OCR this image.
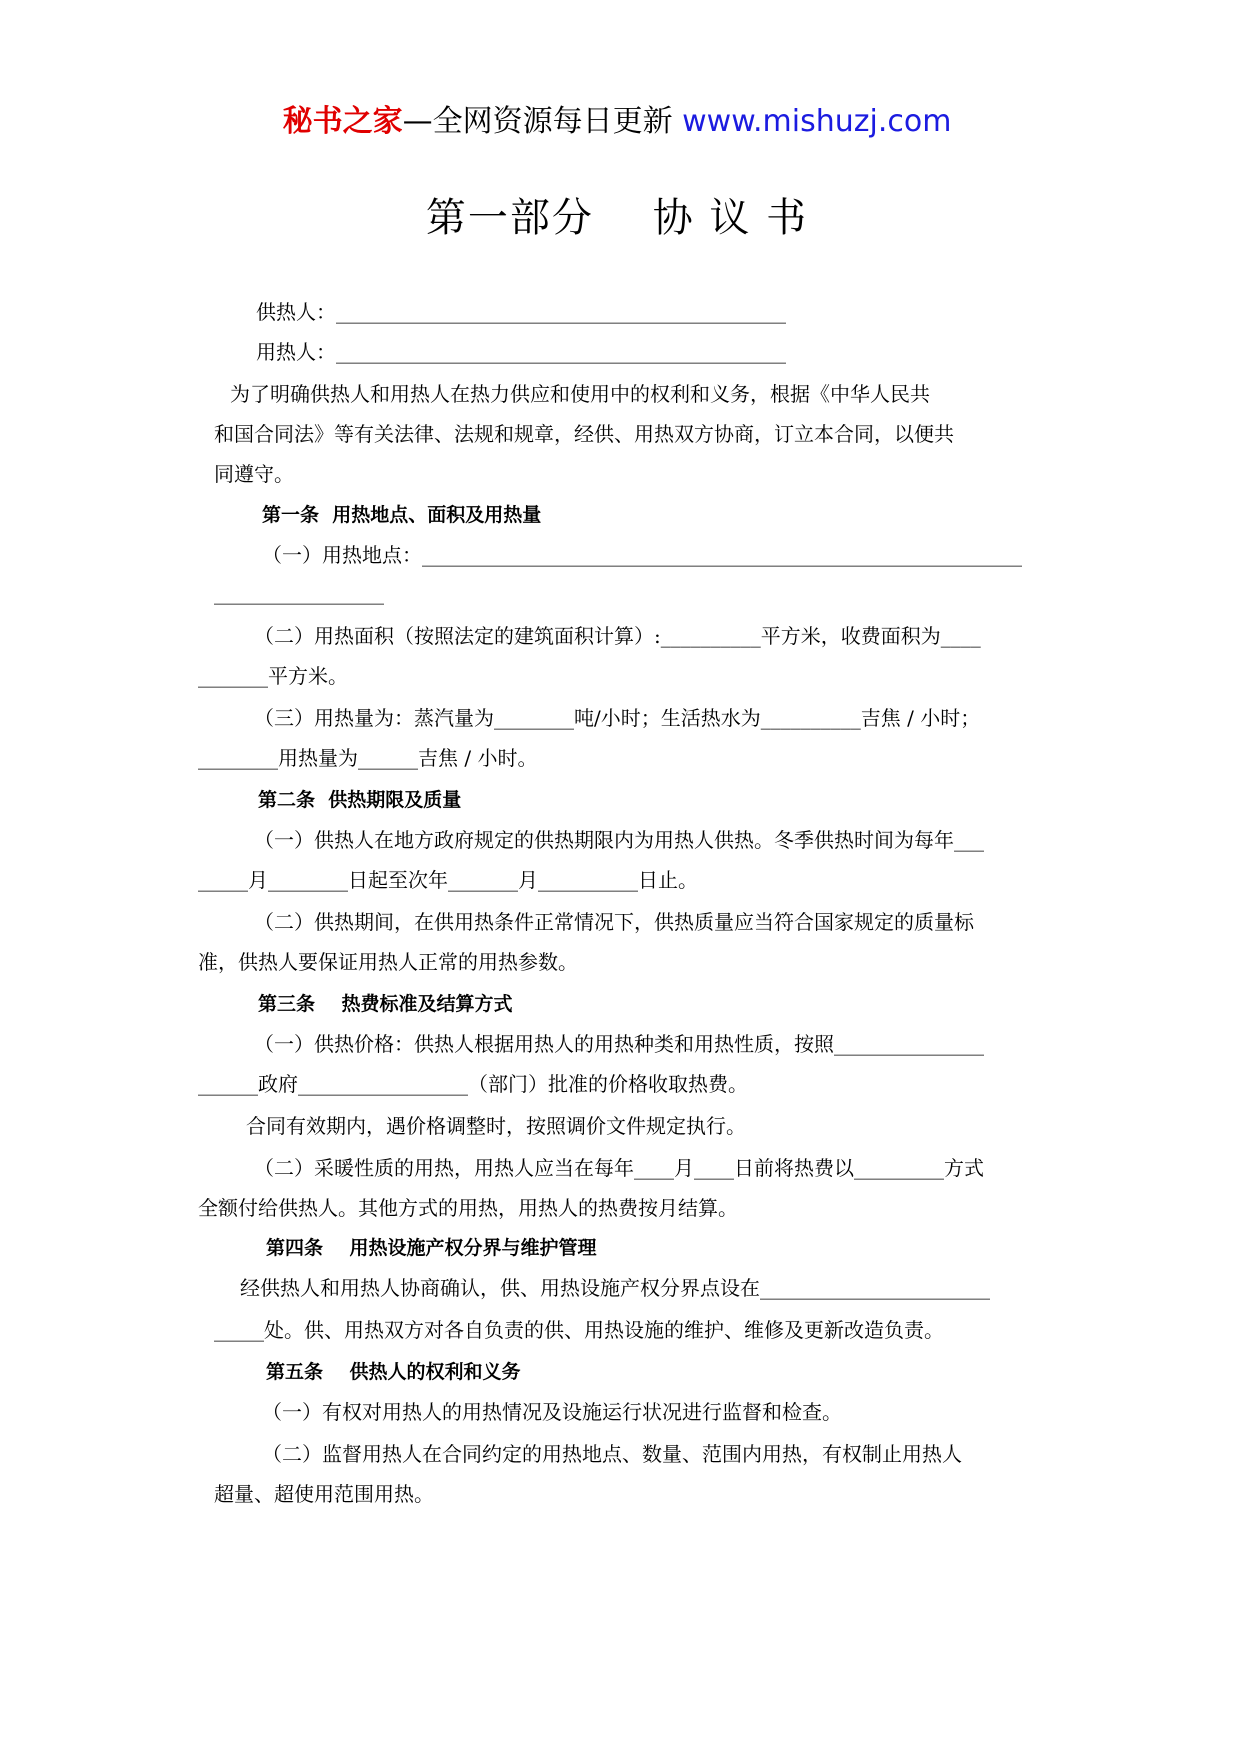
秘书之家—全网资源每日更新 www.mishuzj.com
第一部分    协 议 书
供热人：_____________________________________________
用热人：_____________________________________________
为了明确供热人和用热人在热力供应和使用中的权利和义务，根据《中华人民共
和国合同法》等有关法律、法规和规章，经供、用热双方协商，订立本合同，以便共
同遵守。
第一条  用热地点、面积及用热量
（一）用热地点：____________________________________________________________
_________________
（二）用热面积（按照法定的建筑面积计算）:__________平方米，收费面积为____
_______平方米。
（三）用热量为：蒸汽量为________吨/小时；生活热水为__________吉焦 / 小时；
________用热量为______吉焦 / 小时。
第二条  供热期限及质量
（一）供热人在地方政府规定的供热期限内为用热人供热。冬季供热时间为每年___
_____月________日起至次年_______月__________日止。
（二）供热期间，在供用热条件正常情况下，供热质量应当符合国家规定的质量标
准，供热人要保证用热人正常的用热参数。
第三条    热费标准及结算方式
（一）供热价格：供热人根据用热人的用热种类和用热性质，按照_______________
______政府_________________（部门）批准的价格收取热费。
合同有效期内，遇价格调整时，按照调价文件规定执行。
（二）采暖性质的用热，用热人应当在每年____月____日前将热费以_________方式
全额付给供热人。其他方式的用热，用热人的热费按月结算。
第四条    用热设施产权分界与维护管理
经供热人和用热人协商确认，供、用热设施产权分界点设在_______________________
_____处。供、用热双方对各自负责的供、用热设施的维护、维修及更新改造负责。
第五条    供热人的权利和义务
（一）有权对用热人的用热情况及设施运行状况进行监督和检查。
（二）监督用热人在合同约定的用热地点、数量、范围内用热，有权制止用热人
超量、超使用范围用热。
